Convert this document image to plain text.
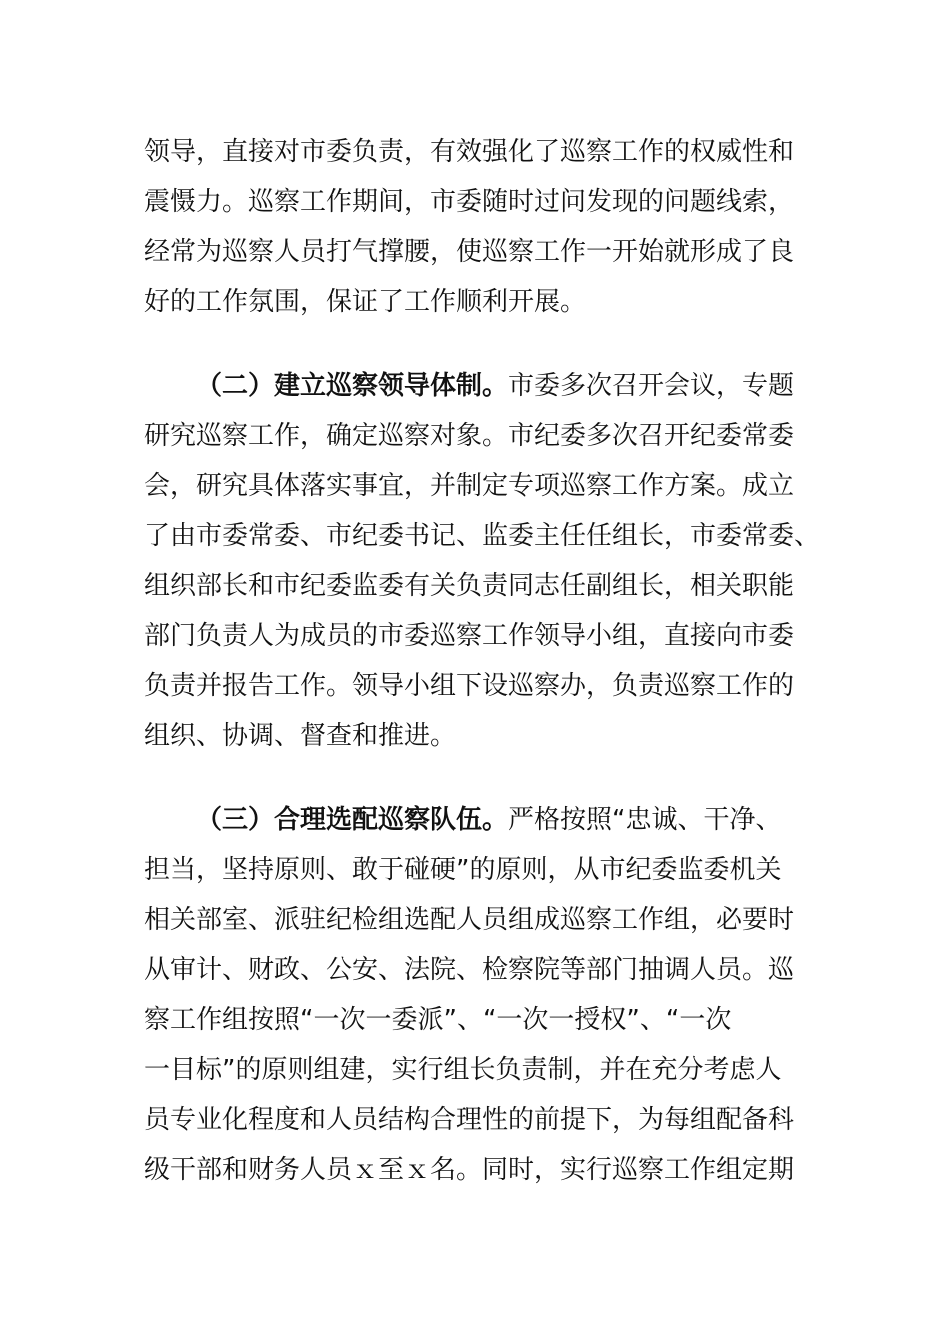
领导，直接对市委负责，有效强化了巡察工作的权威性和
震慑力。巡察工作期间，市委随时过问发现的问题线索，
经常为巡察人员打气撑腰，使巡察工作一开始就形成了良
好的工作氛围，保证了工作顺利开展。
（二）建立巡察领导体制。市委多次召开会议，专题
研究巡察工作，确定巡察对象。市纪委多次召开纪委常委
会，研究具体落实事宜，并制定专项巡察工作方案。成立
了由市委常委、市纪委书记、监委主任任组长，市委常委、
组织部长和市纪委监委有关负责同志任副组长，相关职能
部门负责人为成员的市委巡察工作领导小组，直接向市委
负责并报告工作。领导小组下设巡察办，负责巡察工作的
组织、协调、督查和推进。
（三）合理选配巡察队伍。严格按照“忠诚、干净、
担当，坚持原则、敢于碰硬”的原则，从市纪委监委机关
相关部室、派驻纪检组选配人员组成巡察工作组，必要时
从审计、财政、公安、法院、检察院等部门抽调人员。巡
察工作组按照“一次一委派”、“一次一授权”、“一次
一目标”的原则组建，实行组长负责制，并在充分考虑人
员专业化程度和人员结构合理性的前提下，为每组配备科
级干部和财务人员ｘ至ｘ名。同时，实行巡察工作组定期
